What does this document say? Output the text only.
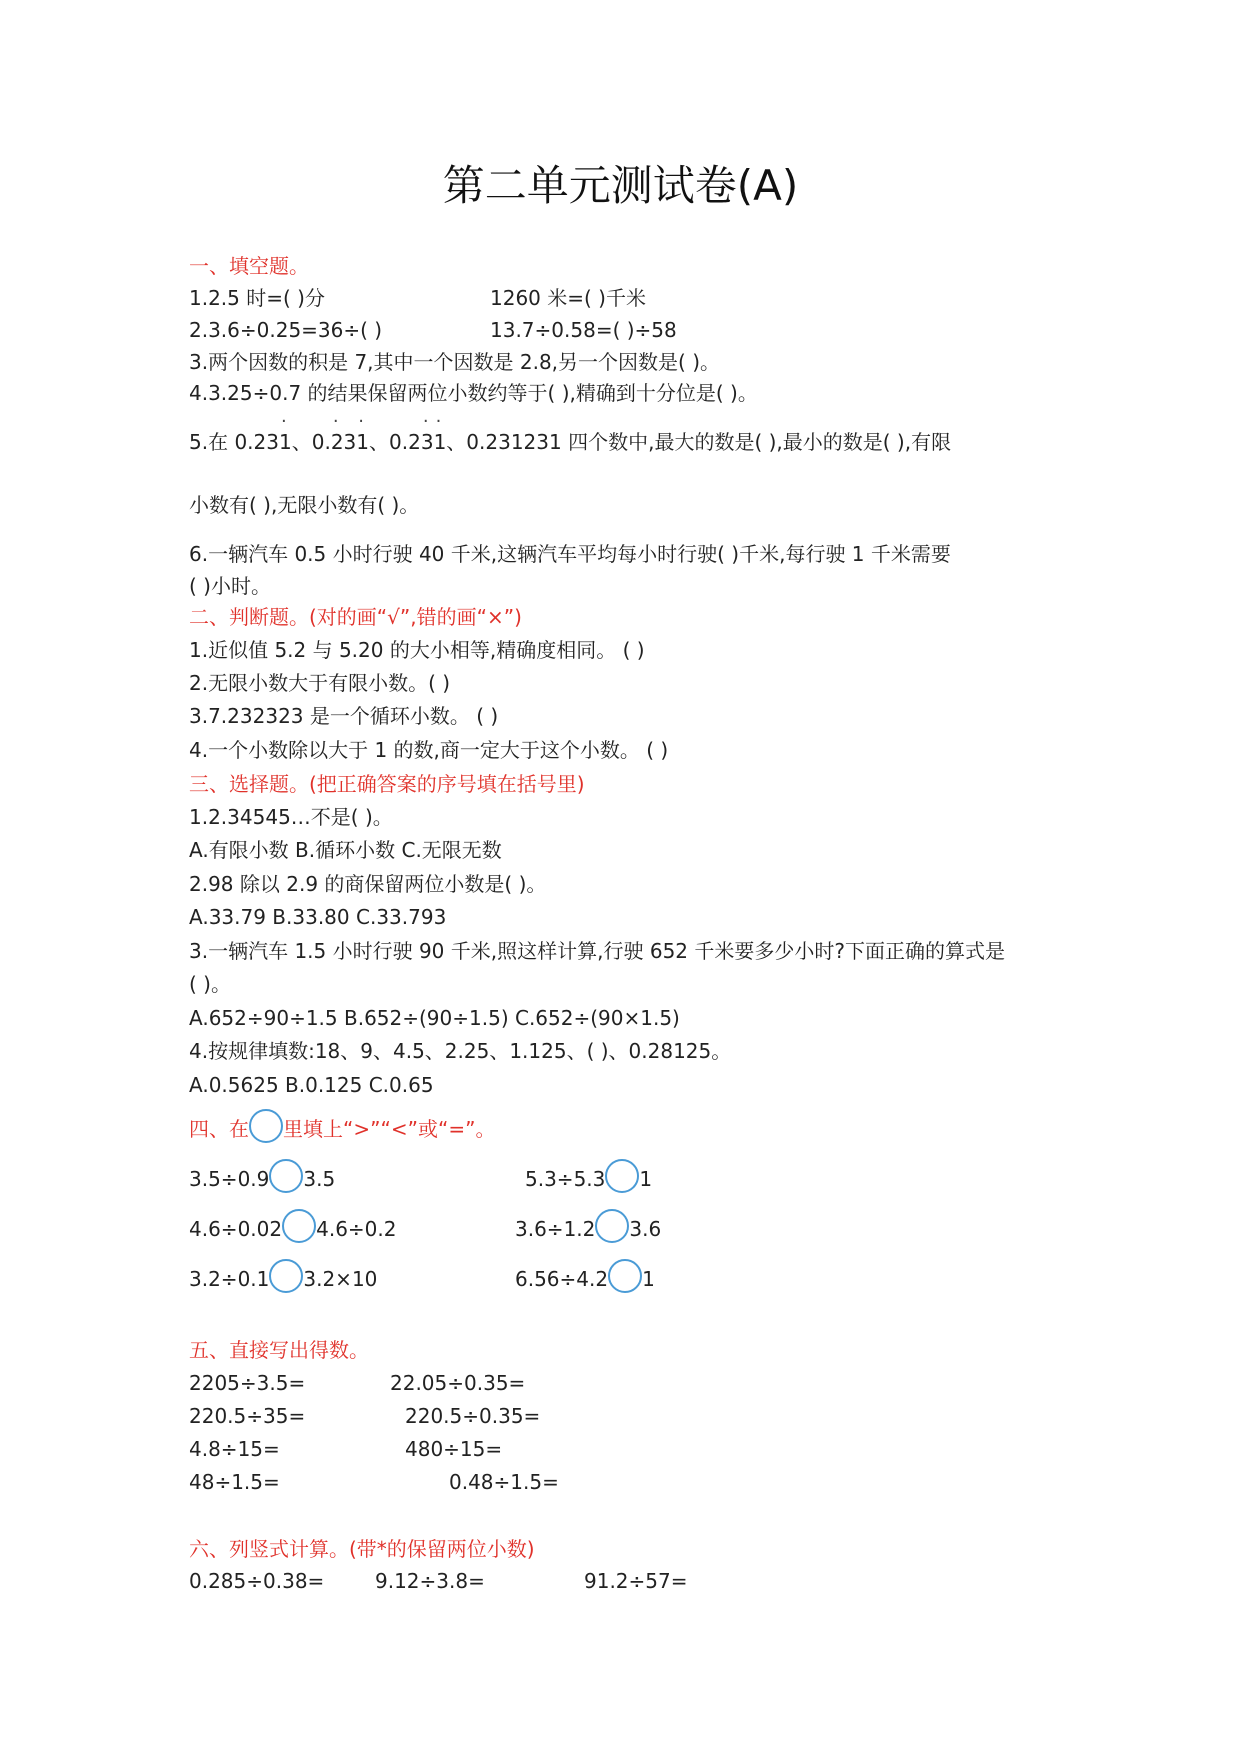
第二单元测试卷(A)
一、填空题。
1.2.5 时=( )分	1260 米=( )千米
2.3.6÷0.25=36÷( )	13.7÷0.58=( )÷58
3.两个因数的积是 7,其中一个因数是 2.8,另一个因数是( )。
4.3.25÷0.7 的结果保留两位小数约等于( ),精确到十分位是( )。
5.在 0.23· 1、0.· 23· 1、0.2· 3· 1、0.231231 四个数中,最大的数是( ),最小的数是( ),有限
小数有( ),无限小数有( )。
6.一辆汽车 0.5 小时行驶 40 千米,这辆汽车平均每小时行驶( )千米,每行驶 1 千米需要
( )小时。
二、判断题。(对的画“√”,错的画“×”)
1.近似值 5.2 与 5.20 的大小相等,精确度相同。 ( )
2.无限小数大于有限小数。( )
3.7.232323 是一个循环小数。 ( )
4.一个小数除以大于 1 的数,商一定大于这个小数。 ( )
三、选择题。(把正确答案的序号填在括号里)
1.2.34545…不是( )。
A.有限小数 B.循环小数 C.无限无数
2.98 除以 2.9 的商保留两位小数是( )。
A.33.79 B.33.80 C.33.793
3.一辆汽车 1.5 小时行驶 90 千米,照这样计算,行驶 652 千米要多少小时?下面正确的算式是
( )。
A.652÷90÷1.5 B.652÷(90÷1.5) C.652÷(90×1.5)
4.按规律填数:18、9、4.5、2.25、1.125、( )、0.28125。
A.0.5625 B.0.125 C.0.65
四、在 里填上“>”“<”或“=”。
3.5÷0.9 3.5	5.3÷5.3 1
4.6÷0.02 4.6÷0.2	3.6÷1.2 3.6
3.2÷0.1 3.2×10	6.56÷4.2 1
五、直接写出得数。
2205÷3.5=	22.05÷0.35=
220.5÷35=	220.5÷0.35=
4.8÷15=	480÷15=
48÷1.5=	0.48÷1.5=
六、列竖式计算。(带*的保留两位小数)
0.285÷0.38=	9.12÷3.8=	91.2÷57=
